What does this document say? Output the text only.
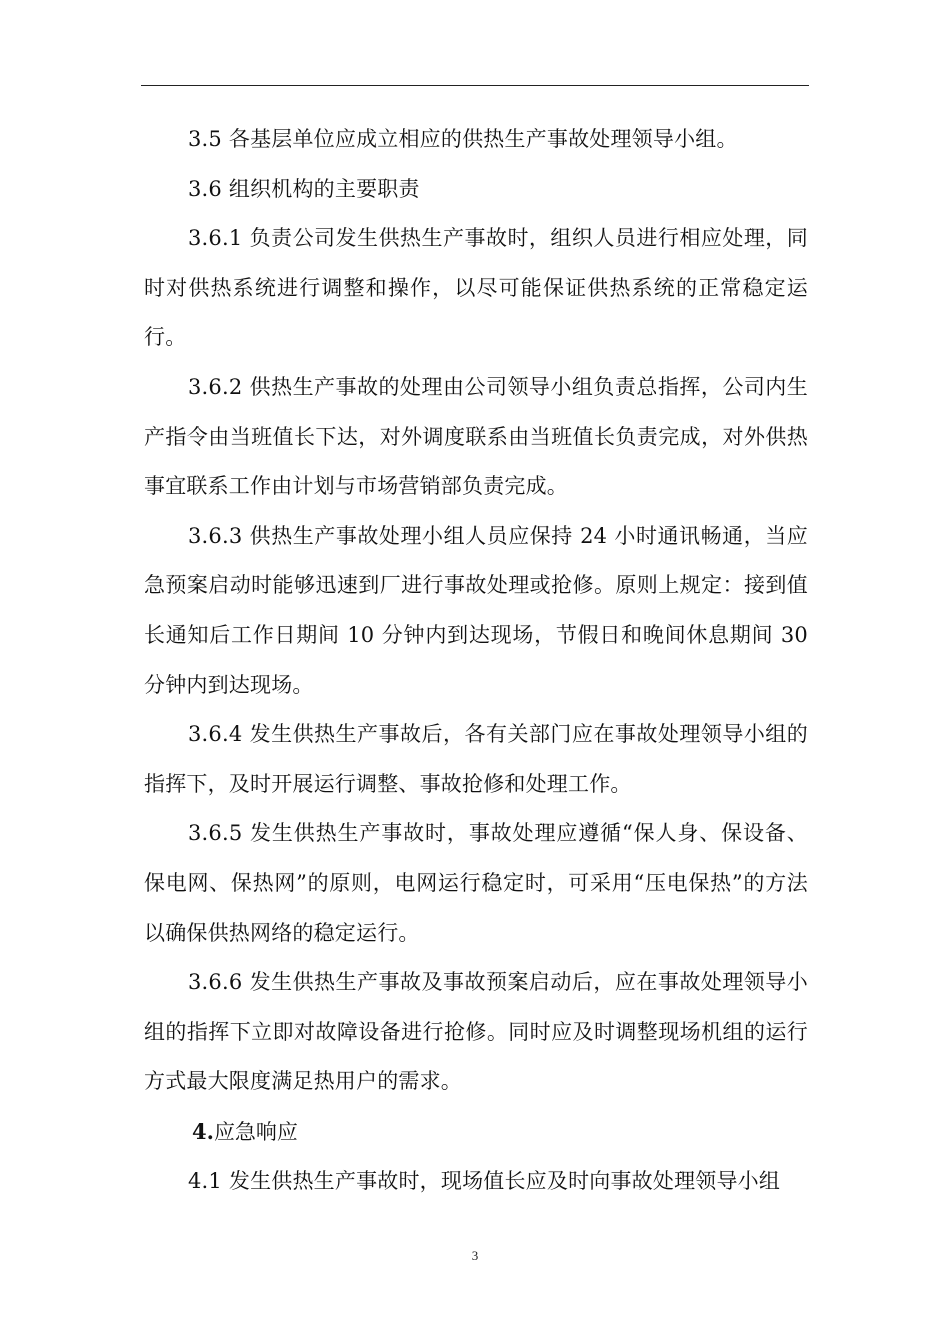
3.5 各基层单位应成立相应的供热生产事故处理领导小组。

3.6 组织机构的主要职责

3.6.1 负责公司发生供热生产事故时，组织人员进行相应处理，同时对供热系统进行调整和操作，以尽可能保证供热系统的正常稳定运行。

3.6.2 供热生产事故的处理由公司领导小组负责总指挥，公司内生产指令由当班值长下达，对外调度联系由当班值长负责完成，对外供热事宜联系工作由计划与市场营销部负责完成。

3.6.3 供热生产事故处理小组人员应保持 24 小时通讯畅通，当应急预案启动时能够迅速到厂进行事故处理或抢修。原则上规定：接到值长通知后工作日期间 10 分钟内到达现场，节假日和晚间休息期间 30 分钟内到达现场。

3.6.4 发生供热生产事故后，各有关部门应在事故处理领导小组的指挥下，及时开展运行调整、事故抢修和处理工作。

3.6.5 发生供热生产事故时，事故处理应遵循“保人身、保设备、保电网、保热网”的原则，电网运行稳定时，可采用“压电保热”的方法以确保供热网络的稳定运行。

3.6.6 发生供热生产事故及事故预案启动后，应在事故处理领导小组的指挥下立即对故障设备进行抢修。同时应及时调整现场机组的运行方式最大限度满足热用户的需求。

4.应急响应

4.1 发生供热生产事故时，现场值长应及时向事故处理领导小组

3
